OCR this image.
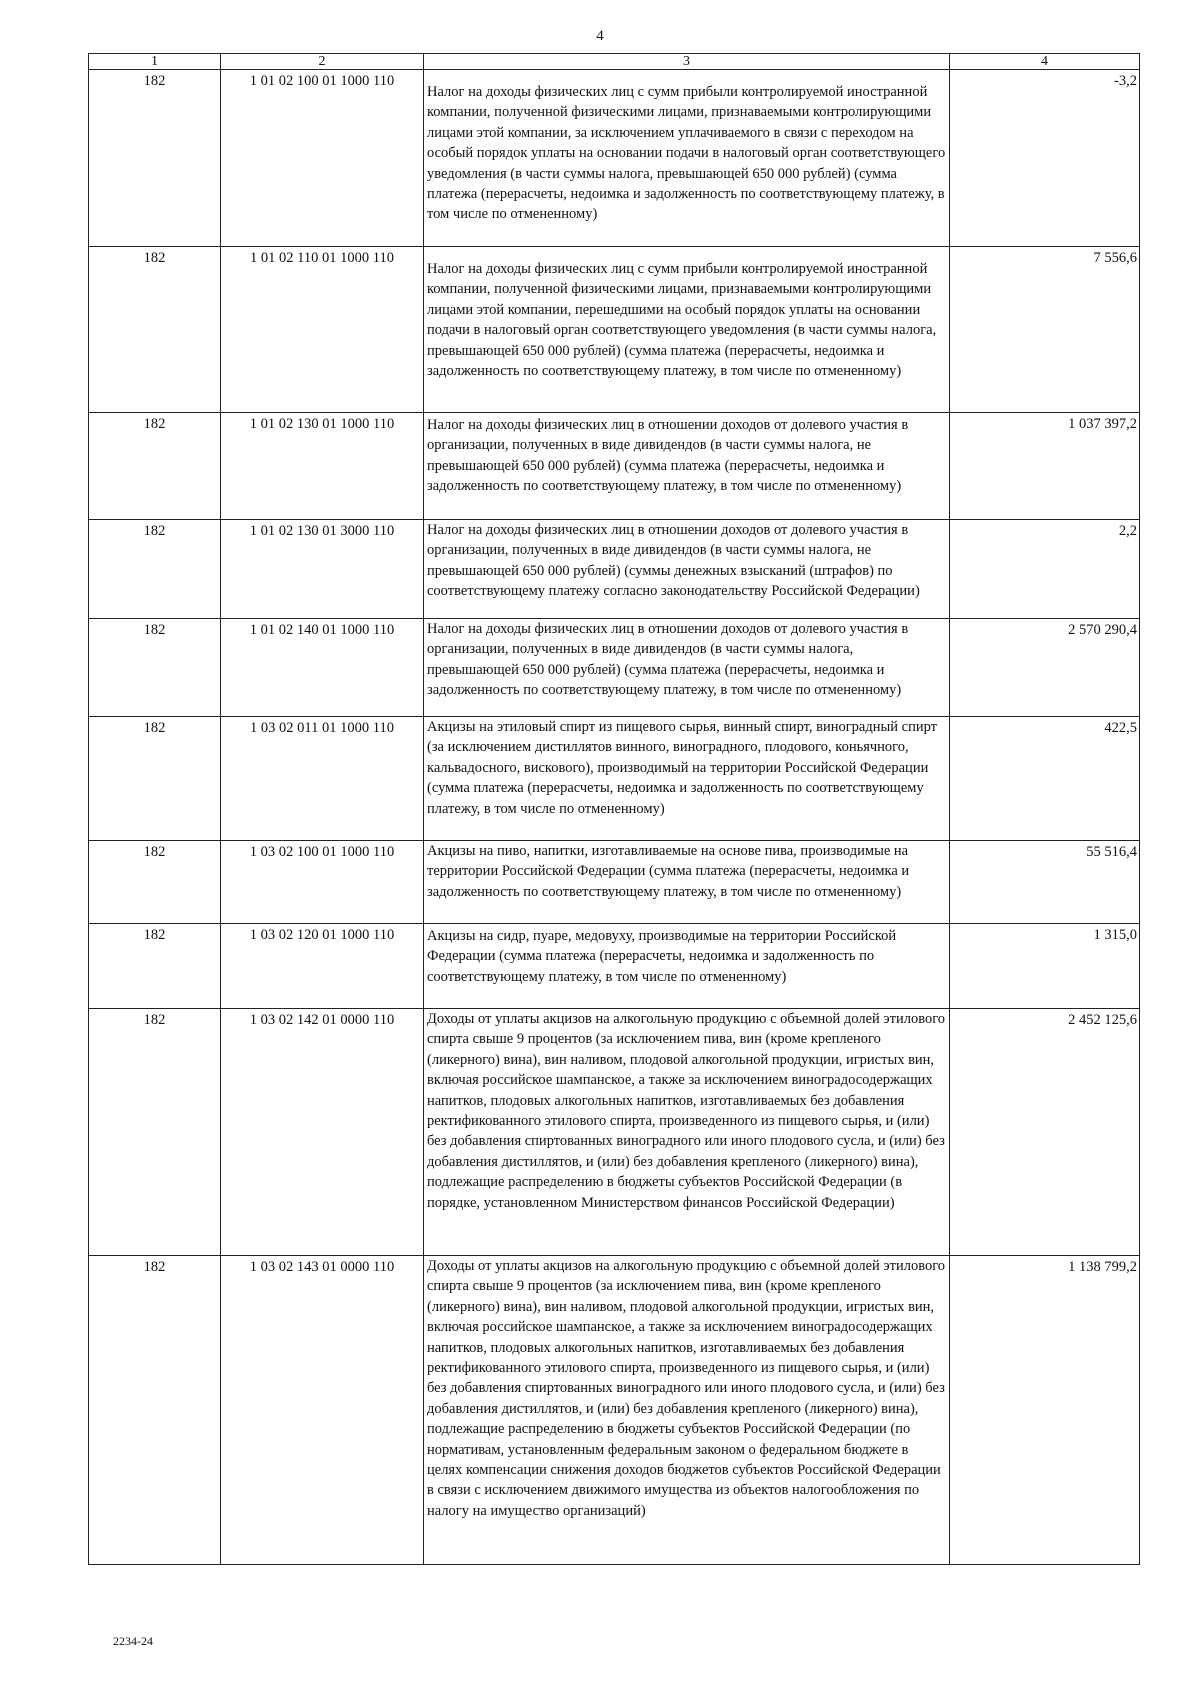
4
1	2	3	4
182	1 01 02 100 01 1000 110	Налог на доходы физических лиц с сумм прибыли контролируемой иностранной компании, полученной физическими лицами, признаваемыми контролирующими лицами этой компании, за исключением уплачиваемого в связи с переходом на особый порядок уплаты на основании подачи в налоговый орган соответствующего уведомления (в части суммы налога, превышающей 650 000 рублей) (сумма платежа (перерасчеты, недоимка и задолженность по соответствующему платежу, в том числе по отмененному)	-3,2
182	1 01 02 110 01 1000 110	Налог на доходы физических лиц с сумм прибыли контролируемой иностранной компании, полученной физическими лицами, признаваемыми контролирующими лицами этой компании, перешедшими на особый порядок уплаты на основании подачи в налоговый орган соответствующего уведомления (в части суммы налога, превышающей 650 000 рублей) (сумма платежа (перерасчеты, недоимка и задолженность по соответствующему платежу, в том числе по отмененному)	7 556,6
182	1 01 02 130 01 1000 110	Налог на доходы физических лиц в отношении доходов от долевого участия в организации, полученных в виде дивидендов (в части суммы налога, не превышающей 650 000 рублей) (сумма платежа (перерасчеты, недоимка и задолженность по соответствующему платежу, в том числе по отмененному)	1 037 397,2
182	1 01 02 130 01 3000 110	Налог на доходы физических лиц в отношении доходов от долевого участия в организации, полученных в виде дивидендов (в части суммы налога, не превышающей 650 000 рублей) (суммы денежных взысканий (штрафов) по соответствующему платежу согласно законодательству Российской Федерации)	2,2
182	1 01 02 140 01 1000 110	Налог на доходы физических лиц в отношении доходов от долевого участия в организации, полученных в виде дивидендов (в части суммы налога, превышающей 650 000 рублей) (сумма платежа (перерасчеты, недоимка и задолженность по соответствующему платежу, в том числе по отмененному)	2 570 290,4
182	1 03 02 011 01 1000 110	Акцизы на этиловый спирт из пищевого сырья, винный спирт, виноградный спирт (за исключением дистиллятов винного, виноградного, плодового, коньячного, кальвадосного, вискового), производимый на территории Российской Федерации (сумма платежа (перерасчеты, недоимка и задолженность по соответствующему платежу, в том числе по отмененному)	422,5
182	1 03 02 100 01 1000 110	Акцизы на пиво, напитки, изготавливаемые на основе пива, производимые на территории Российской Федерации (сумма платежа (перерасчеты, недоимка и задолженность по соответствующему платежу, в том числе по отмененному)	55 516,4
182	1 03 02 120 01 1000 110	Акцизы на сидр, пуаре, медовуху, производимые на территории Российской Федерации (сумма платежа (перерасчеты, недоимка и задолженность по соответствующему платежу, в том числе по отмененному)	1 315,0
182	1 03 02 142 01 0000 110	Доходы от уплаты акцизов на алкогольную продукцию с объемной долей этилового спирта свыше 9 процентов (за исключением пива, вин (кроме крепленого (ликерного) вина), вин наливом, плодовой алкогольной продукции, игристых вин, включая российское шампанское, а также за исключением виноградосодержащих напитков, плодовых алкогольных напитков, изготавливаемых без добавления ректификованного этилового спирта, произведенного из пищевого сырья, и (или) без добавления спиртованных виноградного или иного плодового сусла, и (или) без добавления дистиллятов, и (или) без добавления крепленого (ликерного) вина), подлежащие распределению в бюджеты субъектов Российской Федерации (в порядке, установленном Министерством финансов Российской Федерации)	2 452 125,6
182	1 03 02 143 01 0000 110	Доходы от уплаты акцизов на алкогольную продукцию с объемной долей этилового спирта свыше 9 процентов (за исключением пива, вин (кроме крепленого (ликерного) вина), вин наливом, плодовой алкогольной продукции, игристых вин, включая российское шампанское, а также за исключением виноградосодержащих напитков, плодовых алкогольных напитков, изготавливаемых без добавления ректификованного этилового спирта, произведенного из пищевого сырья, и (или) без добавления спиртованных виноградного или иного плодового сусла, и (или) без добавления дистиллятов, и (или) без добавления крепленого (ликерного) вина), подлежащие распределению в бюджеты субъектов Российской Федерации (по нормативам, установленным федеральным законом о федеральном бюджете в целях компенсации снижения доходов бюджетов субъектов Российской Федерации в связи с исключением движимого имущества из объектов налогообложения по налогу на имущество организаций)	1 138 799,2
2234-24
